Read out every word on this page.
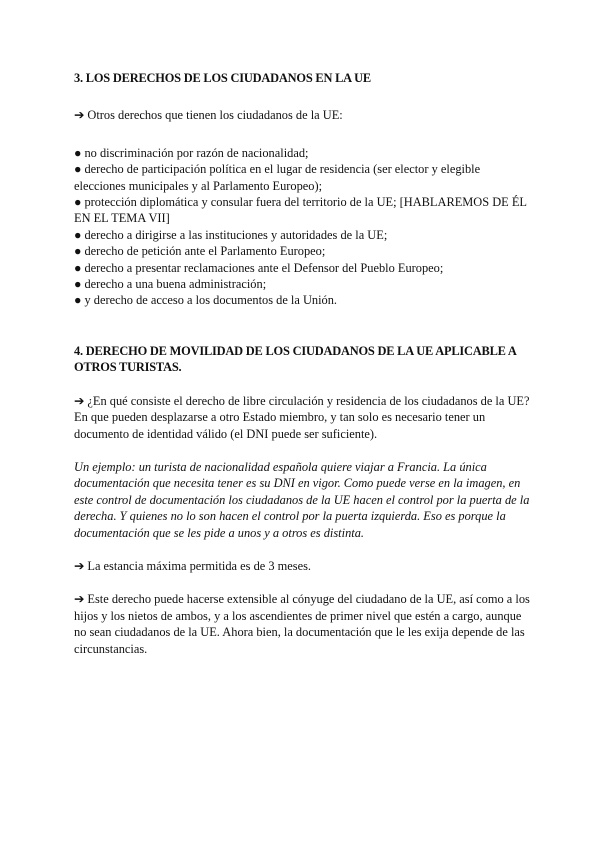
3. LOS DERECHOS DE LOS CIUDADANOS EN LA UE

➔ Otros derechos que tienen los ciudadanos de la UE:

● no discriminación por razón de nacionalidad;
● derecho de participación política en el lugar de residencia (ser elector y elegible elecciones municipales y al Parlamento Europeo);
● protección diplomática y consular fuera del territorio de la UE; [HABLAREMOS DE ÉL EN EL TEMA VII]
● derecho a dirigirse a las instituciones y autoridades de la UE;
● derecho de petición ante el Parlamento Europeo;
● derecho a presentar reclamaciones ante el Defensor del Pueblo Europeo;
● derecho a una buena administración;
● y derecho de acceso a los documentos de la Unión.

4. DERECHO DE MOVILIDAD DE LOS CIUDADANOS DE LA UE APLICABLE A OTROS TURISTAS.

➔ ¿En qué consiste el derecho de libre circulación y residencia de los ciudadanos de la UE? En que pueden desplazarse a otro Estado miembro, y tan solo es necesario tener un documento de identidad válido (el DNI puede ser suficiente).

Un ejemplo: un turista de nacionalidad española quiere viajar a Francia. La única documentación que necesita tener es su DNI en vigor. Como puede verse en la imagen, en este control de documentación los ciudadanos de la UE hacen el control por la puerta de la derecha. Y quienes no lo son hacen el control por la puerta izquierda. Eso es porque la documentación que se les pide a unos y a otros es distinta.

➔ La estancia máxima permitida es de 3 meses.

➔ Este derecho puede hacerse extensible al cónyuge del ciudadano de la UE, así como a los hijos y los nietos de ambos, y a los ascendientes de primer nivel que estén a cargo, aunque no sean ciudadanos de la UE. Ahora bien, la documentación que le les exija depende de las circunstancias.
